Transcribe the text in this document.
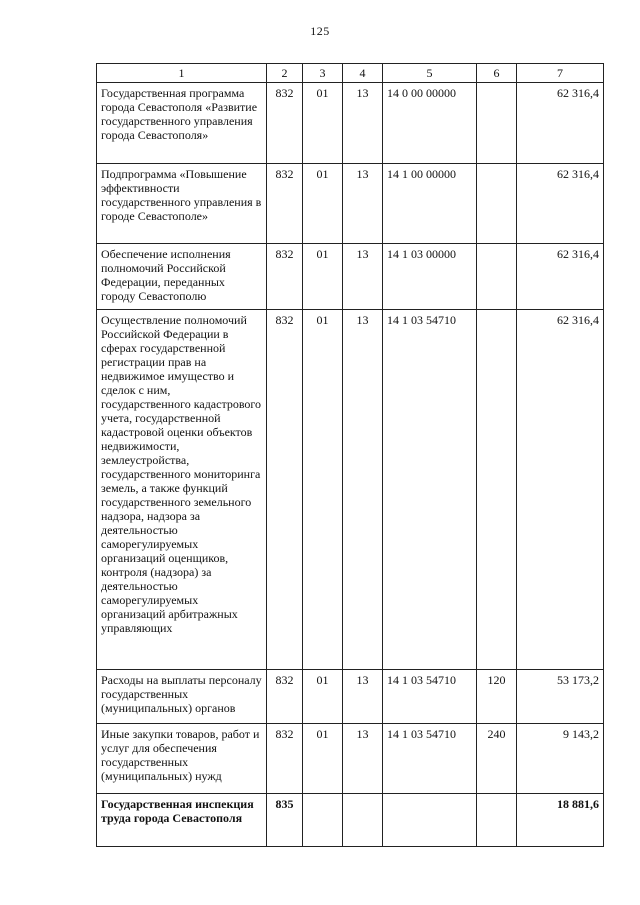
125
1	2	3	4	5	6	7
Государственная программа города Севастополя «Развитие государственного управления города Севастополя»	832	01	13	14 0 00 00000		62 316,4
Подпрограмма «Повышение эффективности государственного управления в городе Севастополе»	832	01	13	14 1 00 00000		62 316,4
Обеспечение исполнения полномочий Российской Федерации, переданных городу Севастополю	832	01	13	14 1 03 00000		62 316,4
Осуществление полномочий Российской Федерации в сферах государственной регистрации прав на недвижимое имущество и сделок с ним, государственного кадастрового учета, государственной кадастровой оценки объектов недвижимости, землеустройства, государственного мониторинга земель, а также функций государственного земельного надзора, надзора за деятельностью саморегулируемых организаций оценщиков, контроля (надзора) за деятельностью саморегулируемых организаций арбитражных управляющих	832	01	13	14 1 03 54710		62 316,4
Расходы на выплаты персоналу государственных (муниципальных) органов	832	01	13	14 1 03 54710	120	53 173,2
Иные закупки товаров, работ и услуг для обеспечения государственных (муниципальных) нужд	832	01	13	14 1 03 54710	240	9 143,2
Государственная инспекция труда города Севастополя	835					18 881,6
